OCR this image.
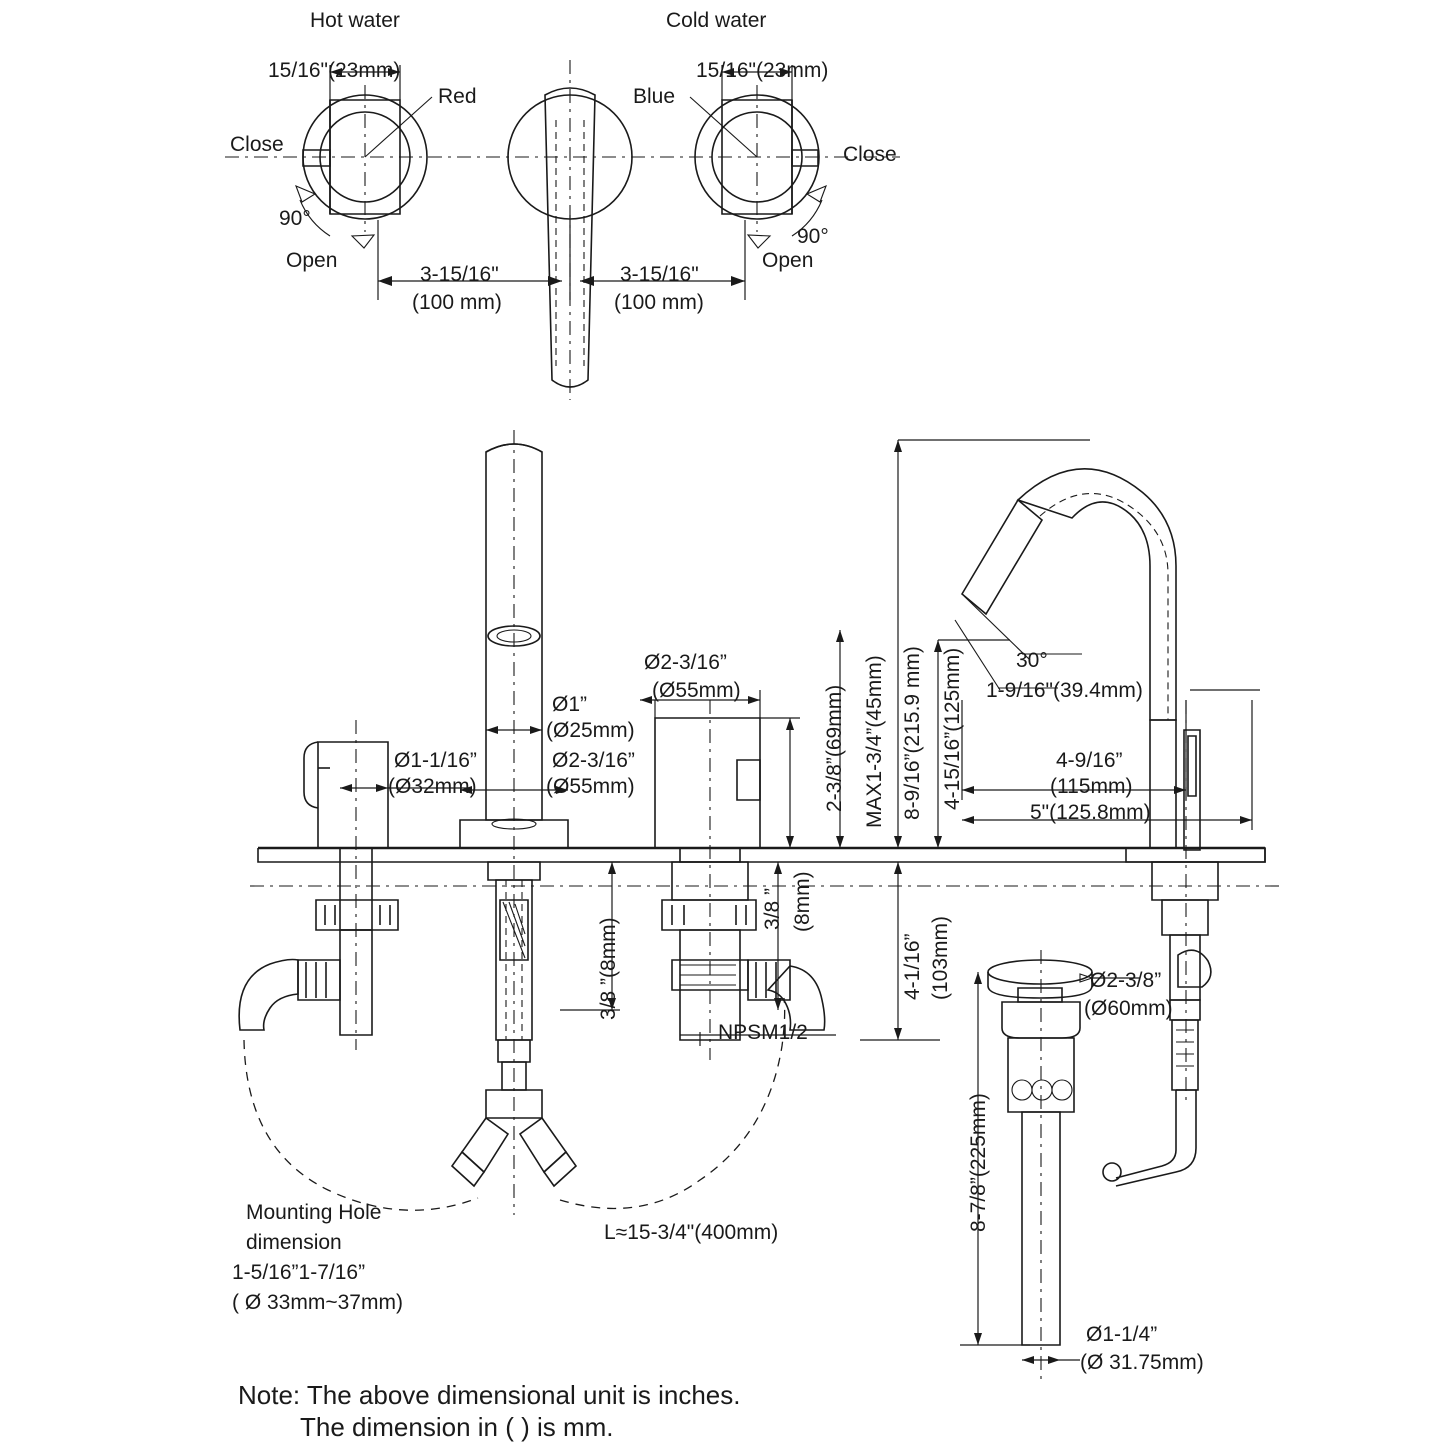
Hot water	Cold water
15/16"(23mm)	15/16"(23mm)
Red	Blue
Close	Close
90°
90°
Open	Open
3-15/16"
(100 mm)
3-15/16"
(100 mm)
Ø2-3/16”
(Ø55mm)
Ø1”
(Ø25mm)
Ø2-3/16”
(Ø55mm)
Ø1-1/16”
(Ø32mm)	2-3/8”(69mm) MAX1-3/4”(45mm) 8-9/16”(215.9 mm) 4-15/16”(125mm)
4-1/16” (103mm)
30°
1-9/16"(39.4mm)
4-9/16”
(115mm)
5"(125.8mm)
3/8 ”(8mm)
3/8 ” (8mm)
NPSM1/2
L≈15-3/4"(400mm)
Ø2-3/8”
(Ø60mm)
8-7/8”(225mm)
Ø1-1/4”
(Ø 31.75mm)
Mounting Hole
dimension
1-5/16”1-7/16”
( Ø 33mm~37mm)
Note: The above dimensional unit is inches.
The dimension in ( ) is mm.
